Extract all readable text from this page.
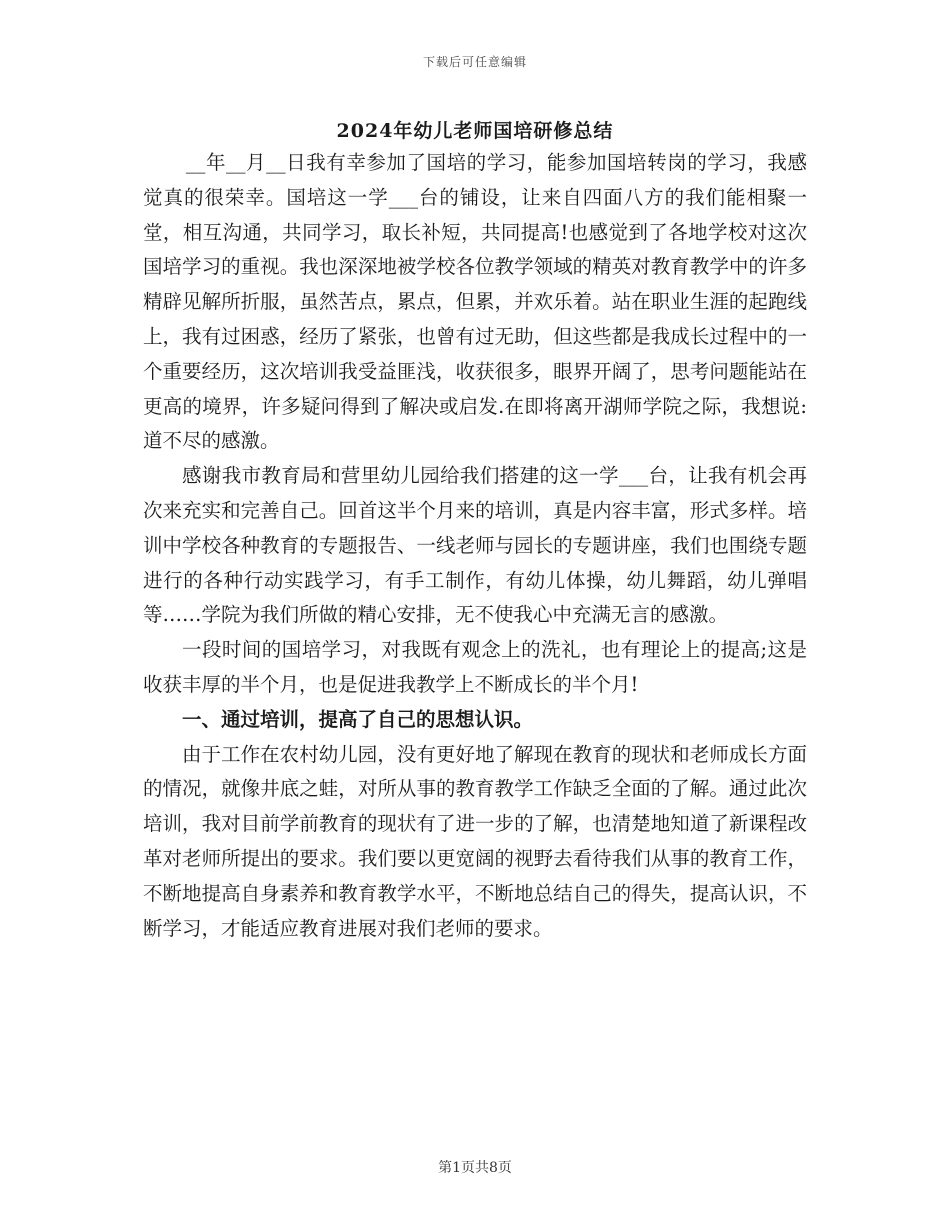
下载后可任意编辑
2024年幼儿老师国培研修总结

__年__月__日我有幸参加了国培的学习，能参加国培转岗的学习，我感觉真的很荣幸。国培这一学___台的铺设，让来自四面八方的我们能相聚一堂，相互沟通，共同学习，取长补短，共同提高!也感觉到了各地学校对这次国培学习的重视。我也深深地被学校各位教学领域的精英对教育教学中的许多精辟见解所折服，虽然苦点，累点，但累，并欢乐着。站在职业生涯的起跑线上，我有过困惑，经历了紧张，也曾有过无助，但这些都是我成长过程中的一个重要经历，这次培训我受益匪浅，收获很多，眼界开阔了，思考问题能站在更高的境界，许多疑问得到了解决或启发.在即将离开湖师学院之际，我想说:道不尽的感激。

感谢我市教育局和营里幼儿园给我们搭建的这一学___台，让我有机会再次来充实和完善自己。回首这半个月来的培训，真是内容丰富，形式多样。培训中学校各种教育的专题报告、一线老师与园长的专题讲座，我们也围绕专题进行的各种行动实践学习，有手工制作，有幼儿体操，幼儿舞蹈，幼儿弹唱等……学院为我们所做的精心安排，无不使我心中充满无言的感激。

一段时间的国培学习，对我既有观念上的洗礼，也有理论上的提高;这是收获丰厚的半个月，也是促进我教学上不断成长的半个月!

一、通过培训，提高了自己的思想认识。

由于工作在农村幼儿园，没有更好地了解现在教育的现状和老师成长方面的情况，就像井底之蛙，对所从事的教育教学工作缺乏全面的了解。通过此次培训，我对目前学前教育的现状有了进一步的了解，也清楚地知道了新课程改革对老师所提出的要求。我们要以更宽阔的视野去看待我们从事的教育工作，不断地提高自身素养和教育教学水平，不断地总结自己的得失，提高认识，不断学习，才能适应教育进展对我们老师的要求。

第1页共8页
